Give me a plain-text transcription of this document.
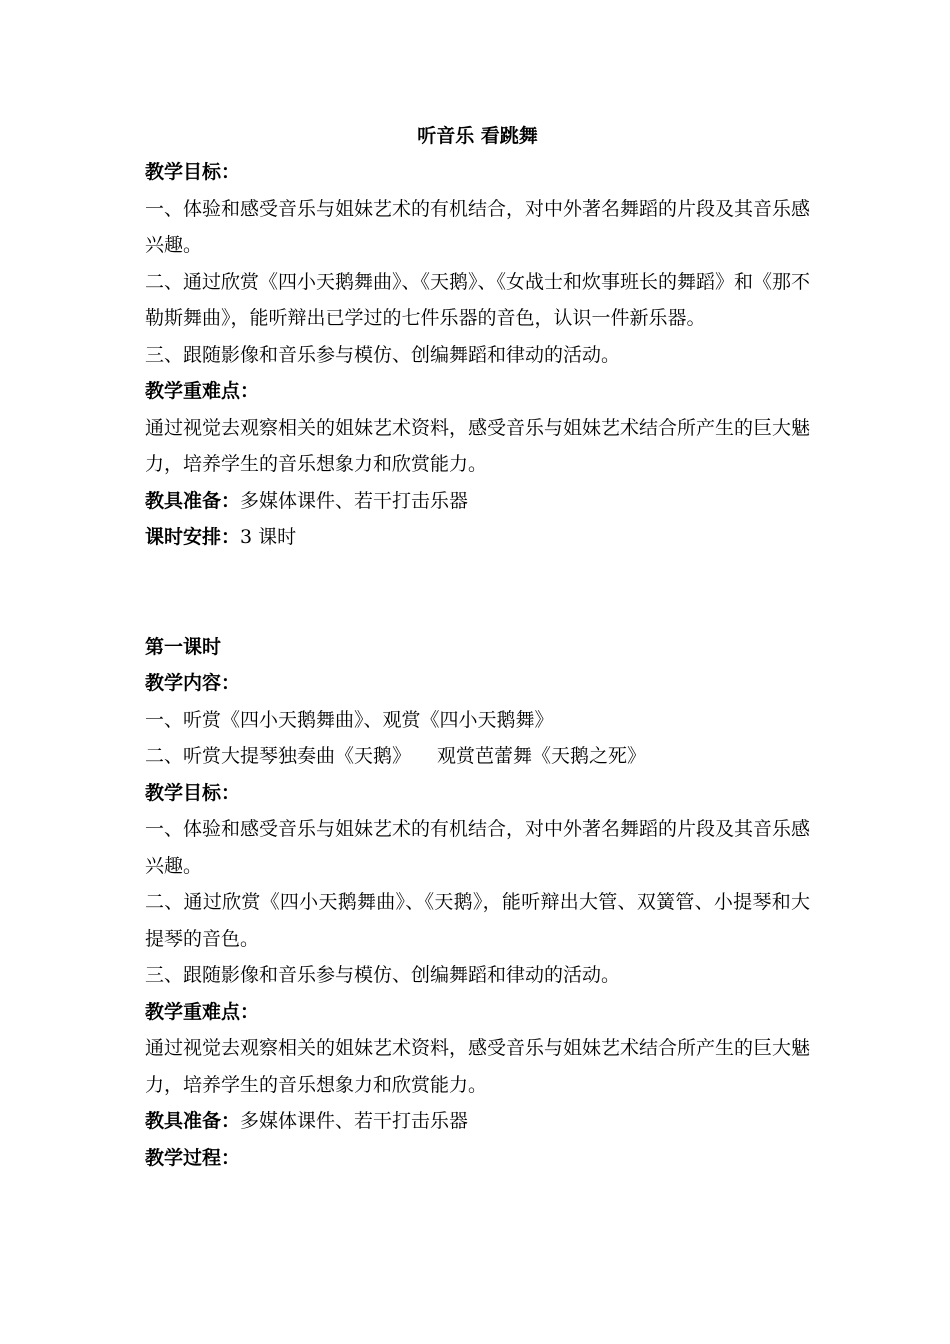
听音乐 看跳舞

教学目标：

一、体验和感受音乐与姐妹艺术的有机结合，对中外著名舞蹈的片段及其音乐感兴趣。

二、通过欣赏《四小天鹅舞曲》、《天鹅》、《女战士和炊事班长的舞蹈》和《那不勒斯舞曲》，能听辩出已学过的七件乐器的音色，认识一件新乐器。

三、跟随影像和音乐参与模仿、创编舞蹈和律动的活动。

教学重难点：

通过视觉去观察相关的姐妹艺术资料，感受音乐与姐妹艺术结合所产生的巨大魅力，培养学生的音乐想象力和欣赏能力。

教具准备：多媒体课件、若干打击乐器

课时安排：3 课时

第一课时

教学内容：

一、听赏《四小天鹅舞曲》、观赏《四小天鹅舞》

二、听赏大提琴独奏曲《天鹅》 观赏芭蕾舞《天鹅之死》

教学目标：

一、体验和感受音乐与姐妹艺术的有机结合，对中外著名舞蹈的片段及其音乐感兴趣。

二、通过欣赏《四小天鹅舞曲》、《天鹅》，能听辩出大管、双簧管、小提琴和大提琴的音色。

三、跟随影像和音乐参与模仿、创编舞蹈和律动的活动。

教学重难点：

通过视觉去观察相关的姐妹艺术资料，感受音乐与姐妹艺术结合所产生的巨大魅力，培养学生的音乐想象力和欣赏能力。

教具准备：多媒体课件、若干打击乐器

教学过程：
